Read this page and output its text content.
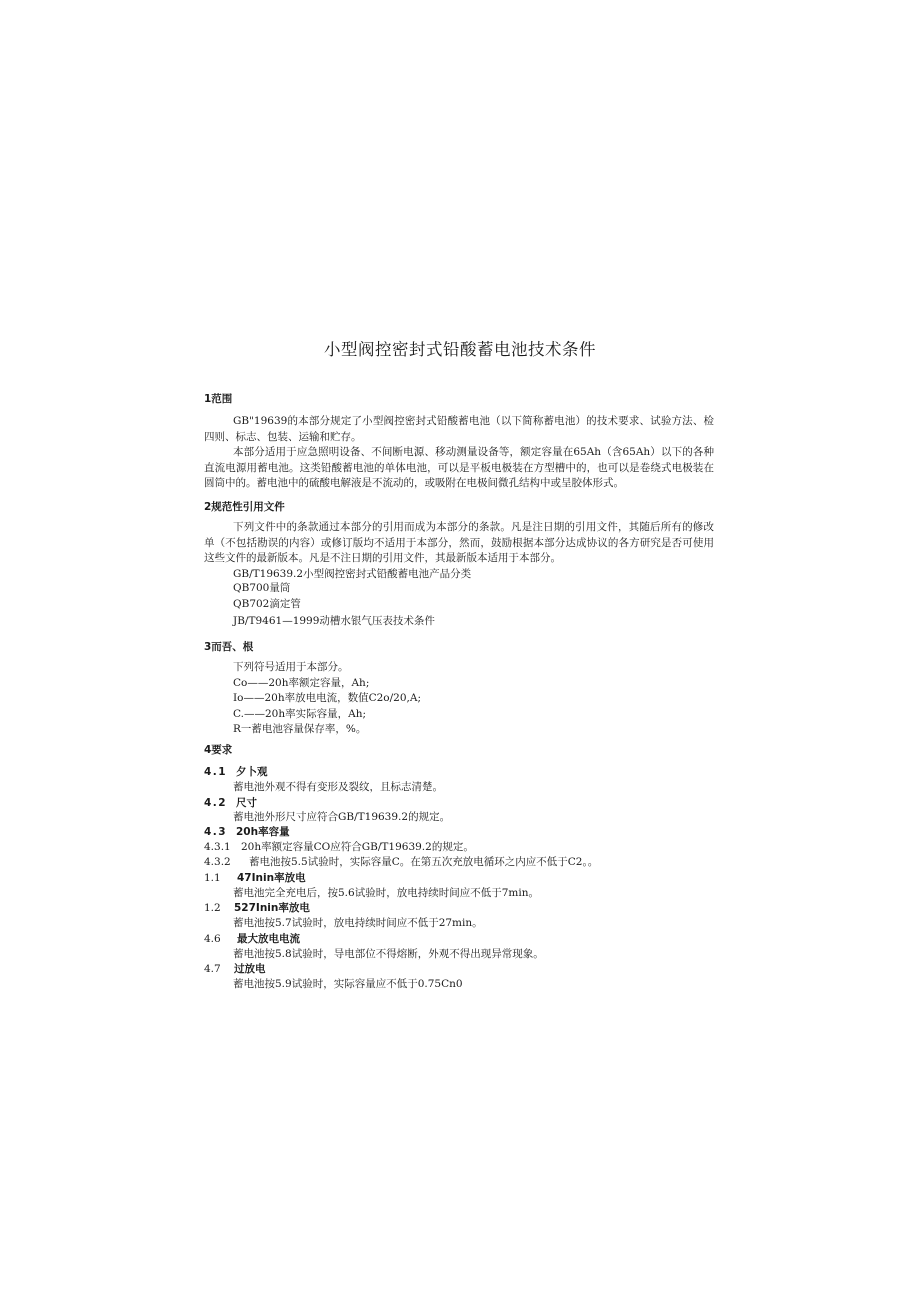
小型阀控密封式铅酸蓄电池技术条件
1范围
GB"19639的本部分规定了小型阀控密封式铅酸蓄电池（以下简称蓄电池）的技术要求、试验方法、检四则、标志、包装、运输和贮存。
本部分适用于应急照明设备、不间断电源、移动测量设备等，额定容量在65Ah（含65Ah）以下的各种直流电源用蓄电池。这类铅酸蓄电池的单体电池，可以是平板电极装在方型槽中的，也可以是卷绕式电极装在圆筒中的。蓄电池中的硫酸电解液是不流动的，或吸附在电极间微孔结构中或呈胶体形式。
2规范性引用文件
下列文件中的条款通过本部分的引用而成为本部分的条款。凡是注日期的引用文件，其随后所有的修改单（不包括勘误的内容）或修订版均不适用于本部分，然而，鼓励根据本部分达成协议的各方研究是否可使用这些文件的最新版本。凡是不注日期的引用文件，其最新版本适用于本部分。
GB/T19639.2小型阀控密封式铅酸蓄电池产品分类
QB700量筒
QB702滴定管
JB/T9461—1999动槽水银气压表技术条件
3而吾、根
下列符号适用于本部分。
Co——20h率额定容量，Ah;
Io——20h率放电电流，数值C2o/20,A;
C.——20h率实际容量，Ah;
R一蓄电池容量保存率，%。
4要求
4.1 夕卜观
蓄电池外观不得有变形及裂纹，且标志清楚。
4.2 尺寸
蓄电池外形尺寸应符合GB/T19639.2的规定。
4.3 20h率容量
4.3.1 20h率额定容量CO应符合GB/T19639.2的规定。
4.3.2 蓄电池按5.5试验时，实际容量C。在第五次充放电循环之内应不低于C2。。
1.1 47Inin率放电
蓄电池完全充电后，按5.6试验时，放电持续时间应不低于7min。
1.2 527Inin率放电
蓄电池按5.7试验时，放电持续时间应不低于27min。
4.6 最大放电电流
蓄电池按5.8试验时，导电部位不得熔断，外观不得出现异常现象。
4.7 过放电
蓄电池按5.9试验时，实际容量应不低于0.75Cn0
